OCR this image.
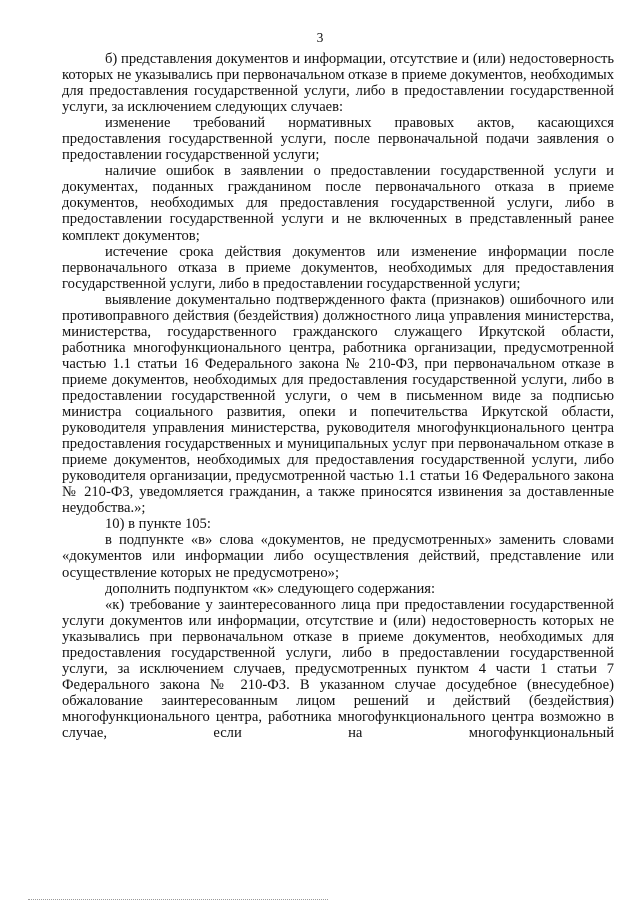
3

б) представления документов и информации, отсутствие и (или) недостоверность которых не указывались при первоначальном отказе в приеме документов, необходимых для предоставления государственной услуги, либо в предоставлении государственной услуги, за исключением следующих случаев:

изменение требований нормативных правовых актов, касающихся предоставления государственной услуги, после первоначальной подачи заявления о предоставлении государственной услуги;

наличие ошибок в заявлении о предоставлении государственной услуги и документах, поданных гражданином после первоначального отказа в приеме документов, необходимых для предоставления государственной услуги, либо в предоставлении государственной услуги и не включенных в представленный ранее комплект документов;

истечение срока действия документов или изменение информации после первоначального отказа в приеме документов, необходимых для предоставления государственной услуги, либо в предоставлении государственной услуги;

выявление документально подтвержденного факта (признаков) ошибочного или противоправного действия (бездействия) должностного лица управления министерства, министерства, государственного гражданского служащего Иркутской области, работника многофункционального центра, работника организации, предусмотренной частью 1.1 статьи 16 Федерального закона № 210-ФЗ, при первоначальном отказе в приеме документов, необходимых для предоставления государственной услуги, либо в предоставлении государственной услуги, о чем в письменном виде за подписью министра социального развития, опеки и попечительства Иркутской области, руководителя управления министерства, руководителя многофункционального центра предоставления государственных и муниципальных услуг при первоначальном отказе в приеме документов, необходимых для предоставления государственной услуги, либо руководителя организации, предусмотренной частью 1.1 статьи 16 Федерального закона № 210-ФЗ, уведомляется гражданин, а также приносятся извинения за доставленные неудобства.»;

10) в пункте 105:

в подпункте «в» слова «документов, не предусмотренных» заменить словами «документов или информации либо осуществления действий, представление или осуществление которых не предусмотрено»;

дополнить подпунктом «к» следующего содержания:

«к) требование у заинтересованного лица при предоставлении государственной услуги документов или информации, отсутствие и (или) недостоверность которых не указывались при первоначальном отказе в приеме документов, необходимых для предоставления государственной услуги, либо в предоставлении государственной услуги, за исключением случаев, предусмотренных пунктом 4 части 1 статьи 7 Федерального закона № 210-ФЗ. В указанном случае досудебное (внесудебное) обжалование заинтересованным лицом решений и действий (бездействия) многофункционального центра, работника многофункционального центра возможно в случае, если на многофункциональный
